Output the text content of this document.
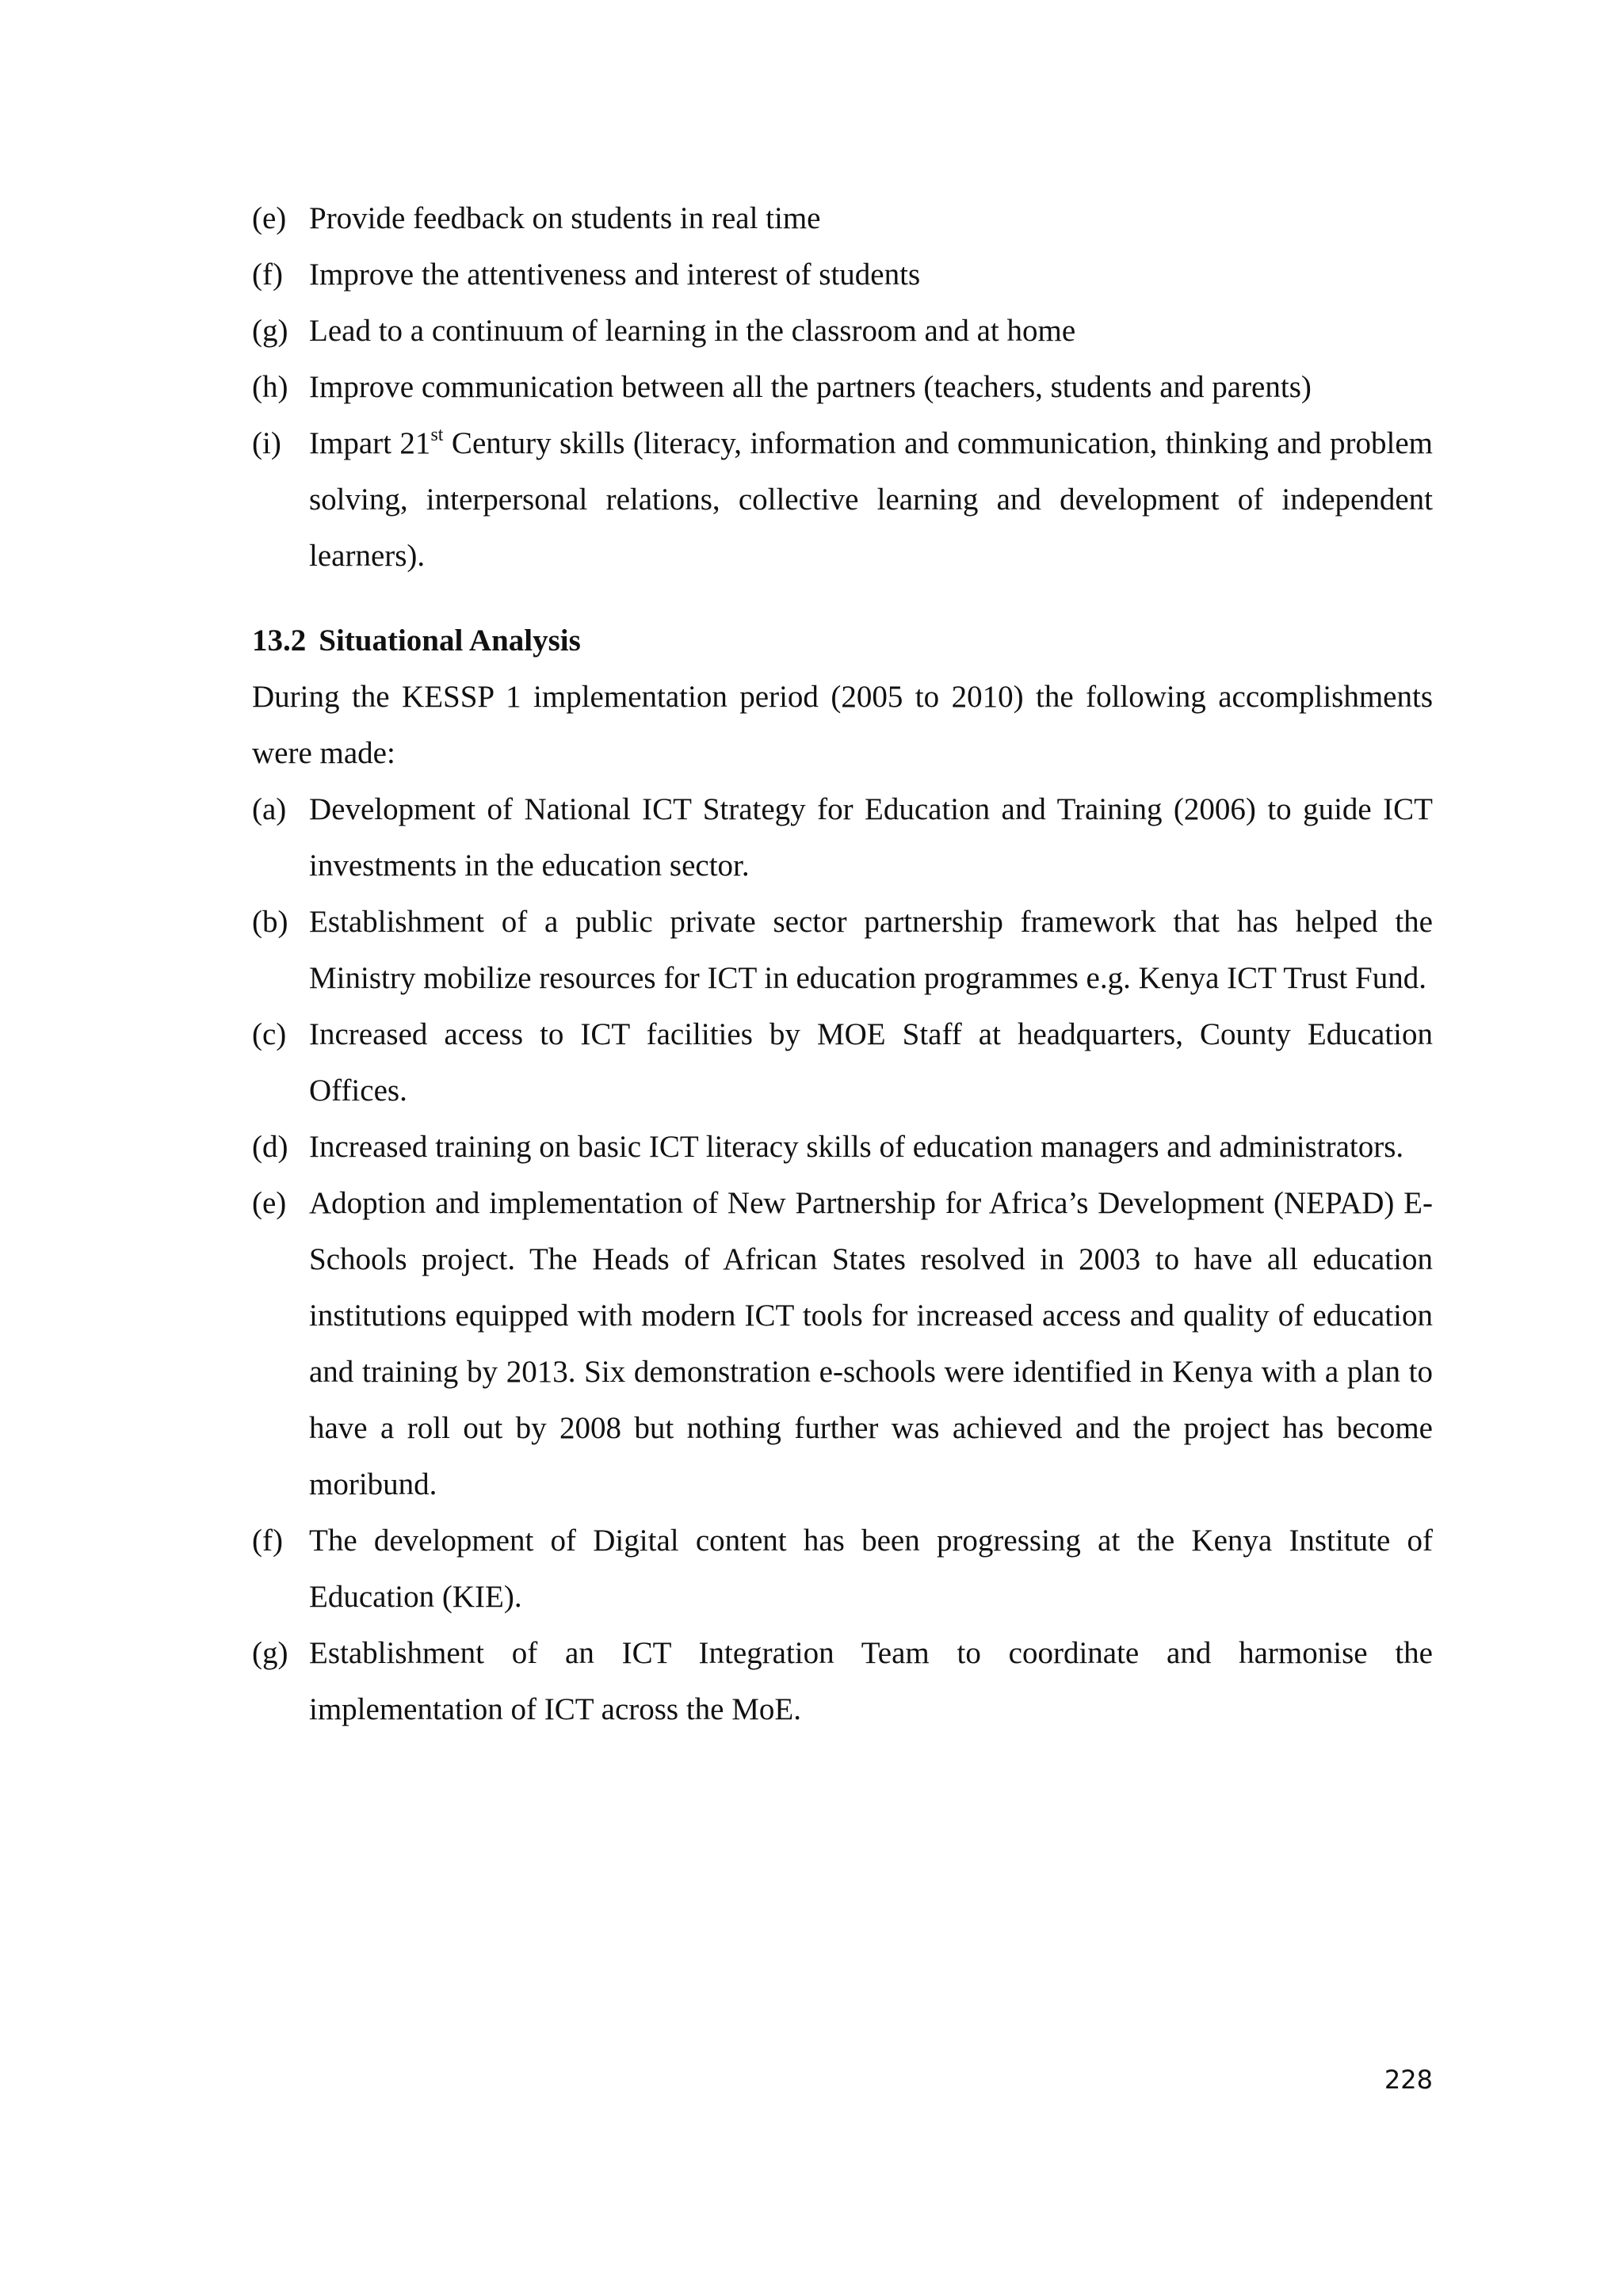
(e) Provide feedback on students in real time
(f) Improve the attentiveness and interest of students
(g) Lead to a continuum of learning in the classroom and at home
(h) Improve communication between all the partners (teachers, students and parents)
(i) Impart 21st Century skills (literacy, information and communication, thinking and problem solving, interpersonal relations, collective learning and development of independent learners).
13.2 Situational Analysis

During the KESSP 1 implementation period (2005 to 2010) the following accomplishments were made:

(a) Development of National ICT Strategy for Education and Training (2006) to guide ICT investments in the education sector.
(b) Establishment of a public private sector partnership framework that has helped the Ministry mobilize resources for ICT in education programmes e.g. Kenya ICT Trust Fund.
(c) Increased access to ICT facilities by MOE Staff at headquarters, County Education Offices.
(d) Increased training on basic ICT literacy skills of education managers and administrators.
(e) Adoption and implementation of New Partnership for Africa’s Development (NEPAD) E-Schools project. The Heads of African States resolved in 2003 to have all education institutions equipped with modern ICT tools for increased access and quality of education and training by 2013. Six demonstration e-schools were identified in Kenya with a plan to have a roll out by 2008 but nothing further was achieved and the project has become moribund.
(f) The development of Digital content has been progressing at the Kenya Institute of Education (KIE).
(g) Establishment of an ICT Integration Team to coordinate and harmonise the implementation of ICT across the MoE.
228
